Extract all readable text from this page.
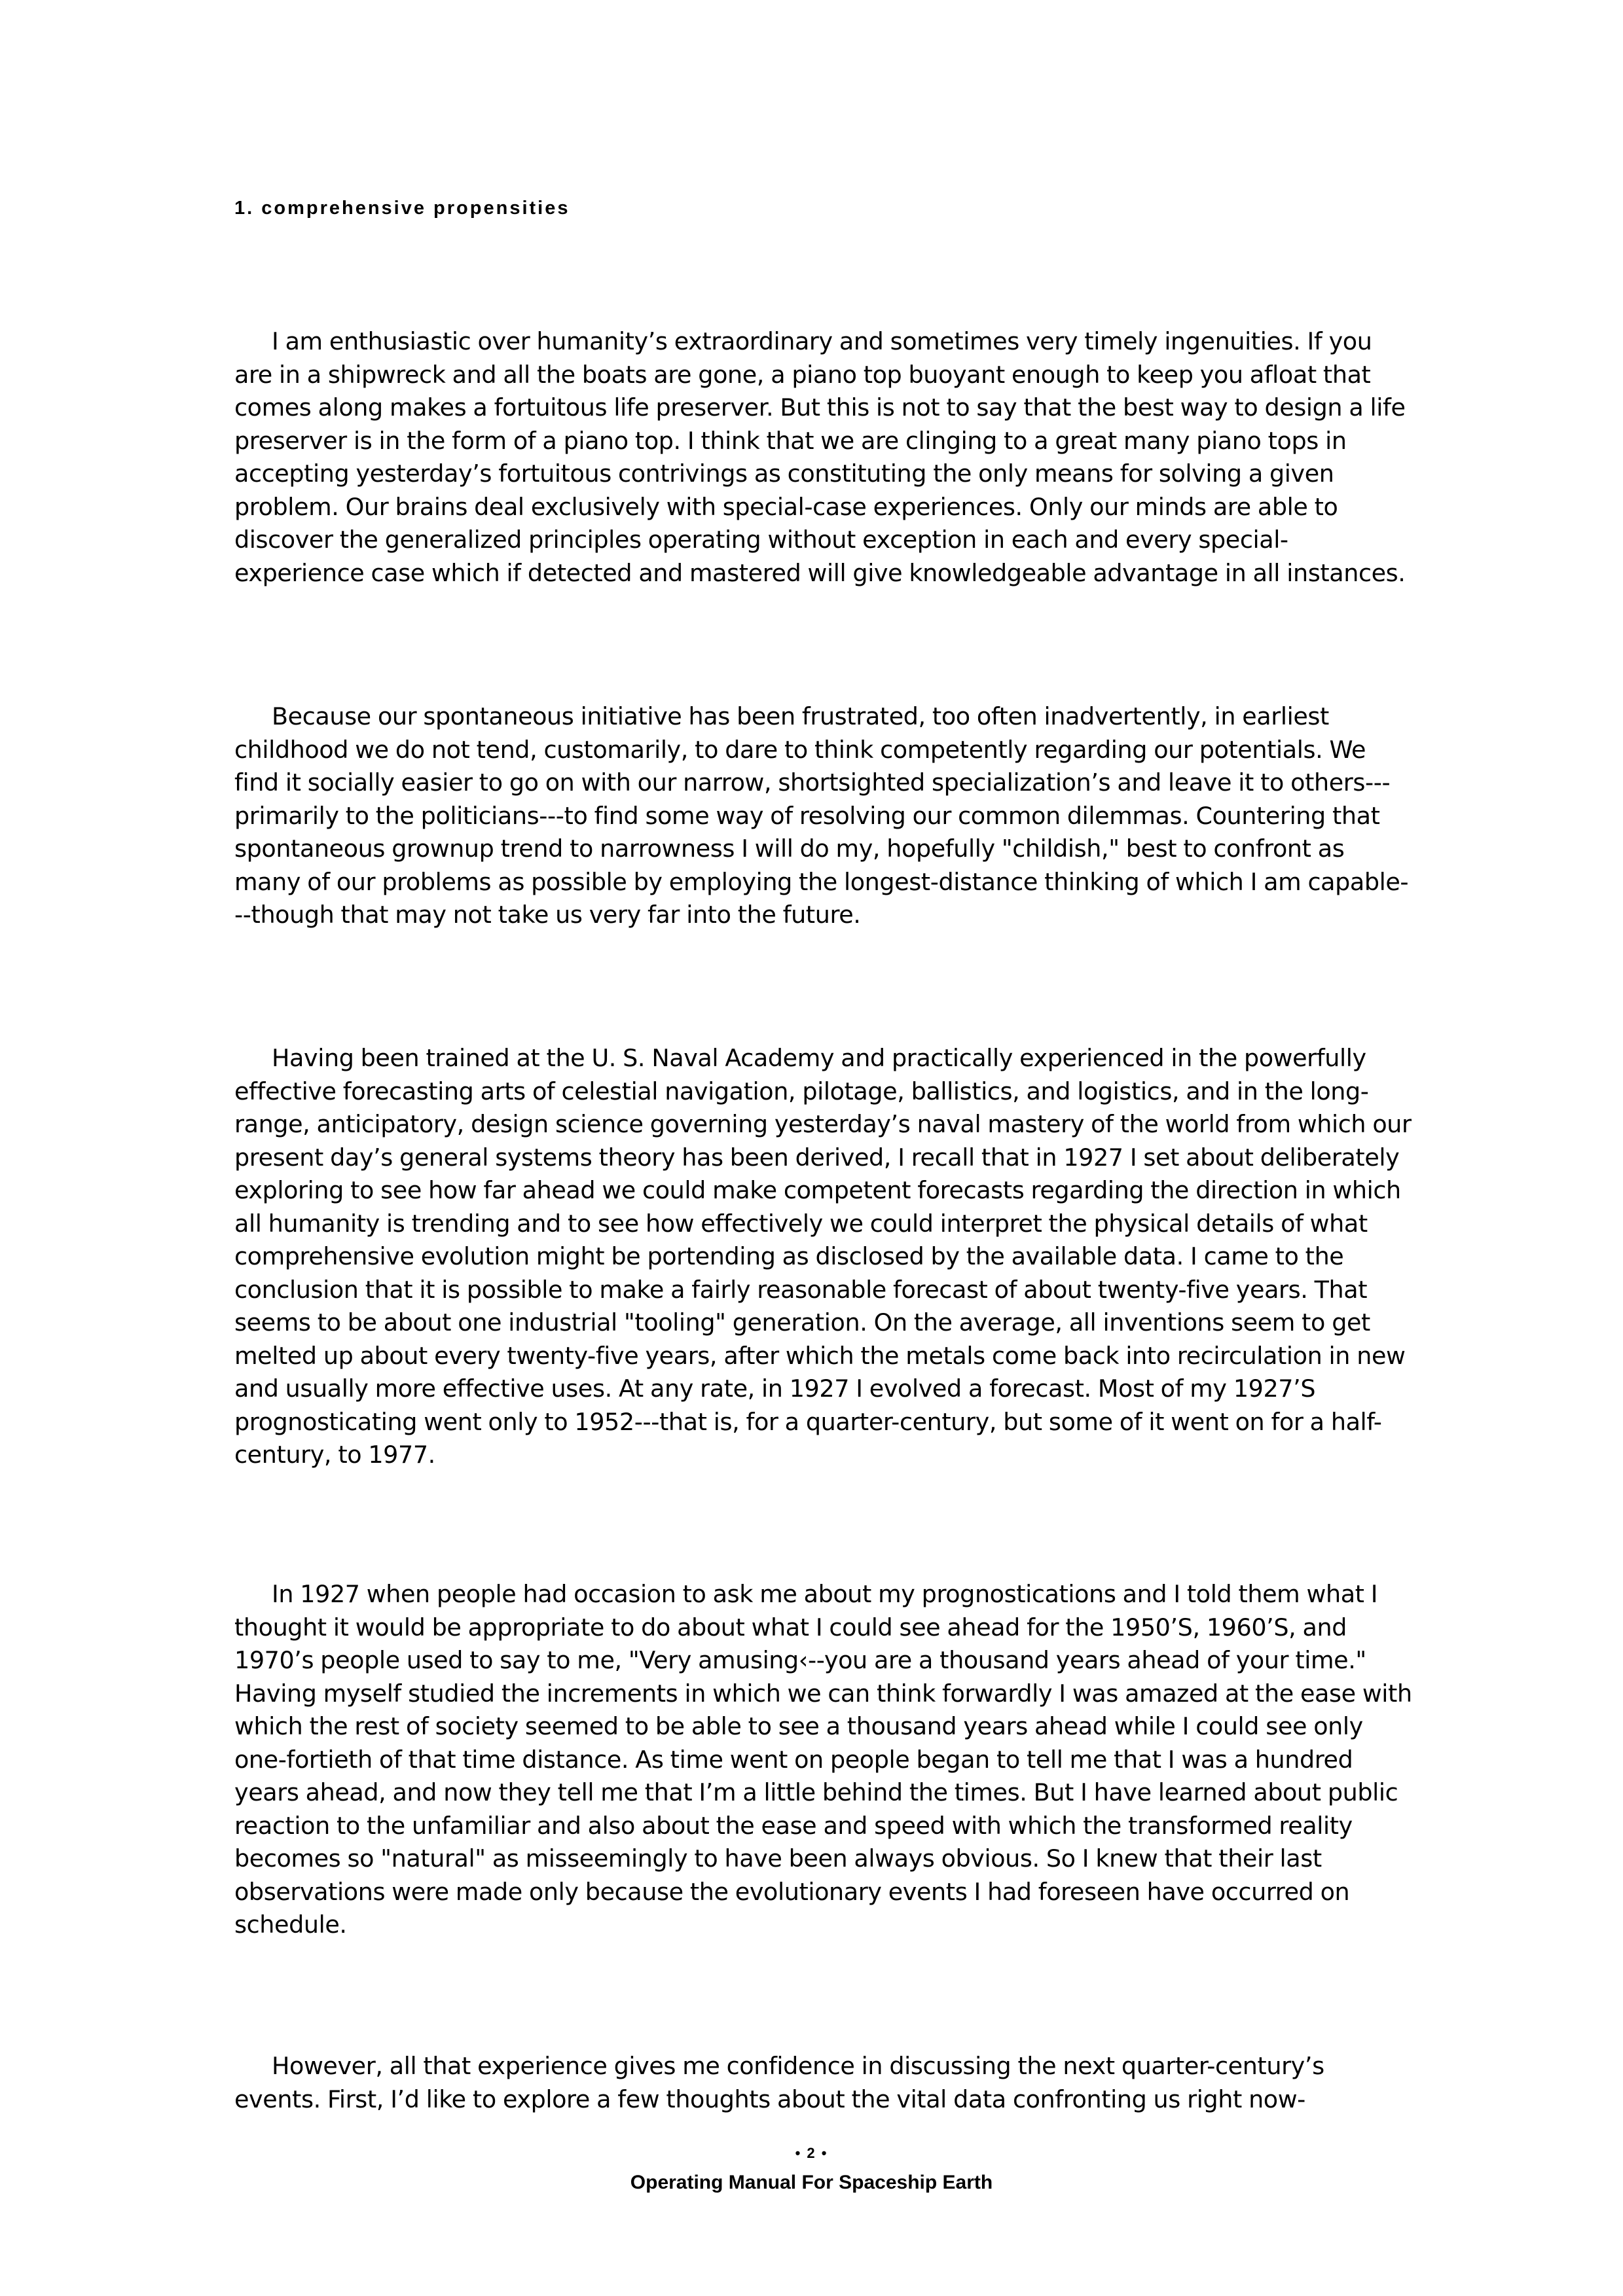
1. comprehensive propensities

I am enthusiastic over humanity’s extraordinary and sometimes very timely ingenuities. If you are in a shipwreck and all the boats are gone, a piano top buoyant enough to keep you afloat that comes along makes a fortuitous life preserver. But this is not to say that the best way to design a life preserver is in the form of a piano top. I think that we are clinging to a great many piano tops in accepting yesterday’s fortuitous contrivings as constituting the only means for solving a given problem. Our brains deal exclusively with special-case experiences. Only our minds are able to discover the generalized principles operating without exception in each and every special-experience case which if detected and mastered will give knowledgeable advantage in all instances.

Because our spontaneous initiative has been frustrated, too often inadvertently, in earliest childhood we do not tend, customarily, to dare to think competently regarding our potentials. We find it socially easier to go on with our narrow, shortsighted specialization’s and leave it to others---primarily to the politicians---to find some way of resolving our common dilemmas. Countering that spontaneous grownup trend to narrowness I will do my, hopefully "childish," best to confront as many of our problems as possible by employing the longest-distance thinking of which I am capable---though that may not take us very far into the future.

Having been trained at the U. S. Naval Academy and practically experienced in the powerfully effective forecasting arts of celestial navigation, pilotage, ballistics, and logistics, and in the long-range, anticipatory, design science governing yesterday’s naval mastery of the world from which our present day’s general systems theory has been derived, I recall that in 1927 I set about deliberately exploring to see how far ahead we could make competent forecasts regarding the direction in which all humanity is trending and to see how effectively we could interpret the physical details of what comprehensive evolution might be portending as disclosed by the available data. I came to the conclusion that it is possible to make a fairly reasonable forecast of about twenty-five years. That seems to be about one industrial "tooling" generation. On the average, all inventions seem to get melted up about every twenty-five years, after which the metals come back into recirculation in new and usually more effective uses. At any rate, in 1927 I evolved a forecast. Most of my 1927’S prognosticating went only to 1952---that is, for a quarter-century, but some of it went on for a half-century, to 1977.

In 1927 when people had occasion to ask me about my prognostications and I told them what I thought it would be appropriate to do about what I could see ahead for the 1950’S, 1960’S, and 1970’s people used to say to me, "Very amusing‹--you are a thousand years ahead of your time." Having myself studied the increments in which we can think forwardly I was amazed at the ease with which the rest of society seemed to be able to see a thousand years ahead while I could see only one-fortieth of that time distance. As time went on people began to tell me that I was a hundred years ahead, and now they tell me that I’m a little behind the times. But I have learned about public reaction to the unfamiliar and also about the ease and speed with which the transformed reality becomes so "natural" as misseemingly to have been always obvious. So I knew that their last observations were made only because the evolutionary events I had foreseen have occurred on schedule.

However, all that experience gives me confidence in discussing the next quarter-century’s events. First, I’d like to explore a few thoughts about the vital data confronting us right now-

• 2 •
Operating Manual For Spaceship Earth
